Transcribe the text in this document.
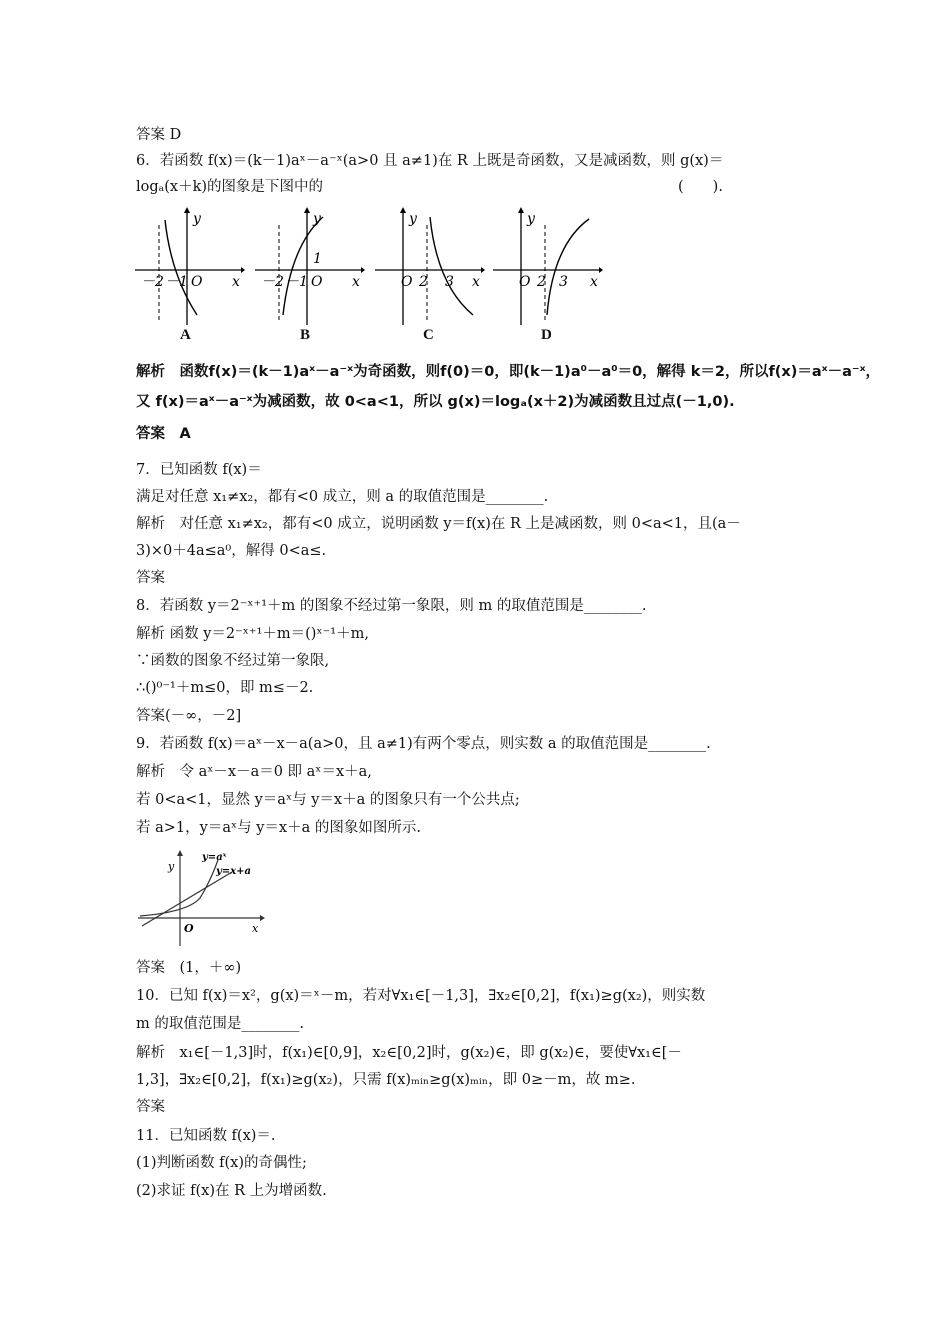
答案 D
6．若函数 f(x)＝(k－1)aˣ－a⁻ˣ(a>0 且 a≠1)在 R 上既是奇函数，又是减函数，则 g(x)＝
logₐ(x＋k)的图象是下图中的
解析　函数f(x)＝(k－1)aˣ－a⁻ˣ为奇函数，则f(0)＝0，即(k－1)a⁰－a⁰＝0，解得 k＝2，所以f(x)＝aˣ－a⁻ˣ，
又 f(x)＝aˣ－a⁻ˣ为减函数，故 0<a<1，所以 g(x)＝logₐ(x＋2)为减函数且过点(－1,0).
答案　A
7．已知函数 f(x)＝
满足对任意 x₁≠x₂，都有<0 成立，则 a 的取值范围是________.
解析　对任意 x₁≠x₂，都有<0 成立，说明函数 y＝f(x)在 R 上是减函数，则 0<a<1，且(a－
3)×0＋4a≤a⁰，解得 0<a≤.
答案
8．若函数 y＝2⁻ˣ⁺¹＋m 的图象不经过第一象限，则 m 的取值范围是________.
解析 函数 y＝2⁻ˣ⁺¹＋m＝()ˣ⁻¹＋m,
∵函数的图象不经过第一象限,
∴()⁰⁻¹＋m≤0，即 m≤－2.
答案(－∞，－2]
9．若函数 f(x)＝aˣ－x－a(a>0，且 a≠1)有两个零点，则实数 a 的取值范围是________.
解析　令 aˣ－x－a＝0 即 aˣ＝x＋a,
若 0<a<1，显然 y＝aˣ与 y＝x＋a 的图象只有一个公共点;
若 a>1，y＝aˣ与 y＝x＋a 的图象如图所示.
答案　(1，＋∞)
10．已知 f(x)＝x²，g(x)＝ˣ－m，若对∀x₁∈[－1,3]，∃x₂∈[0,2]，f(x₁)≥g(x₂)，则实数
m 的取值范围是________.
解析　x₁∈[－1,3]时，f(x₁)∈[0,9]，x₂∈[0,2]时，g(x₂)∈，即 g(x₂)∈，要使∀x₁∈[－
1,3]，∃x₂∈[0,2]，f(x₁)≥g(x₂)，只需 f(x)ₘᵢₙ≥g(x)ₘᵢₙ，即 0≥－m，故 m≥.
答案
11．已知函数 f(x)＝.
(1)判断函数 f(x)的奇偶性;
(2)求证 f(x)在 R 上为增函数.
(　　).
－2 －1 O x
y
－2 －1 O
1
x
y
O 2 3 x
y
O 2 3 x
y
A	B	C	D
y=aˣ
y=x+a
O	x
y
